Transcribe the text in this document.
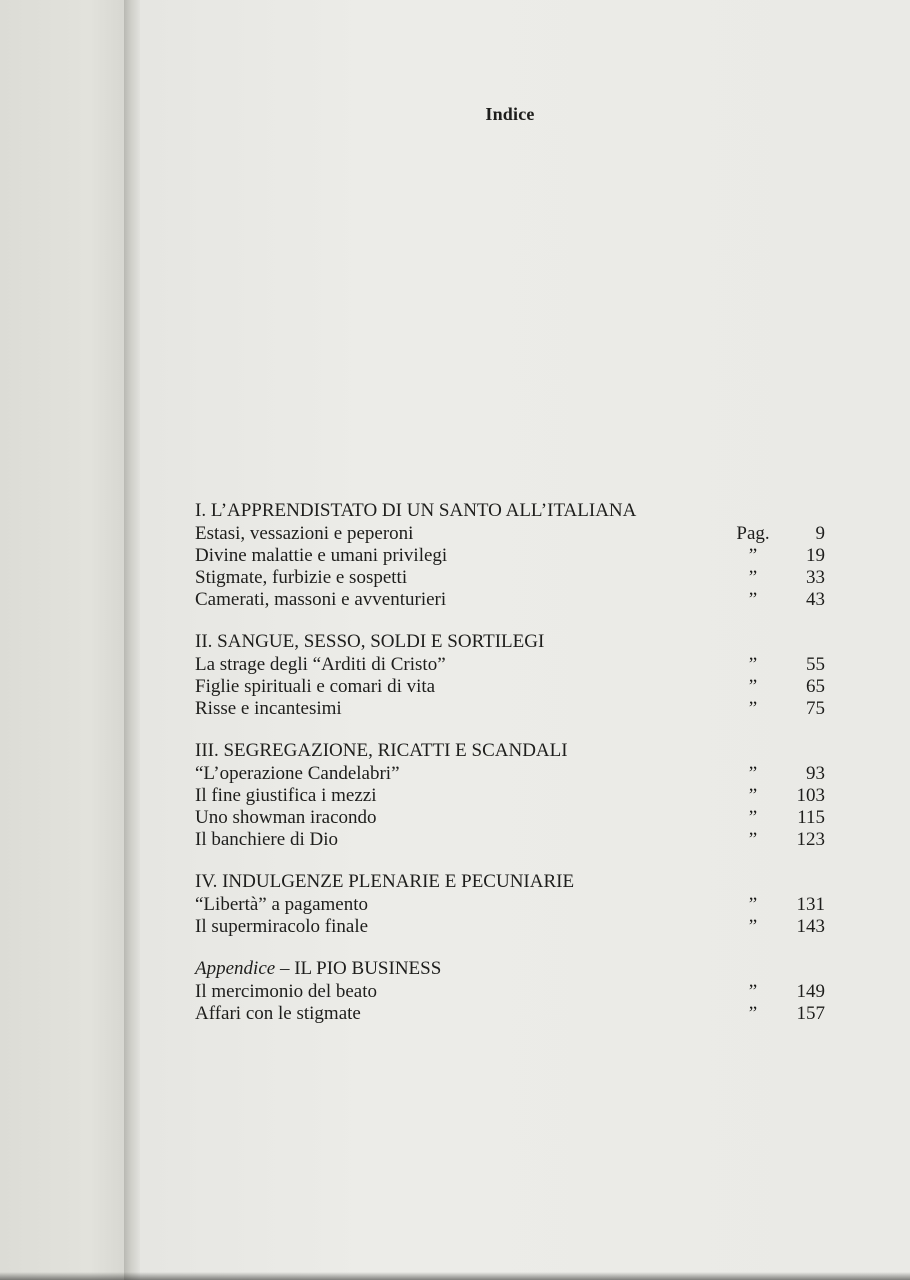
Indice
I. L’APPRENDISTATO DI UN SANTO ALL’ITALIANA
Estasi, vessazioni e peperoni	Pag.	9
Divine malattie e umani privilegi	”	19
Stigmate, furbizie e sospetti	”	33
Camerati, massoni e avventurieri	”	43
II. SANGUE, SESSO, SOLDI E SORTILEGI
La strage degli “Arditi di Cristo”	”	55
Figlie spirituali e comari di vita	”	65
Risse e incantesimi	”	75
III. SEGREGAZIONE, RICATTI E SCANDALI
“L’operazione Candelabri”	”	93
Il fine giustifica i mezzi	”	103
Uno showman iracondo	”	115
Il banchiere di Dio	”	123
IV. INDULGENZE PLENARIE E PECUNIARIE
“Libertà” a pagamento	”	131
Il supermiracolo finale	”	143
Appendice – IL PIO BUSINESS
Il mercimonio del beato	”	149
Affari con le stigmate	”	157
